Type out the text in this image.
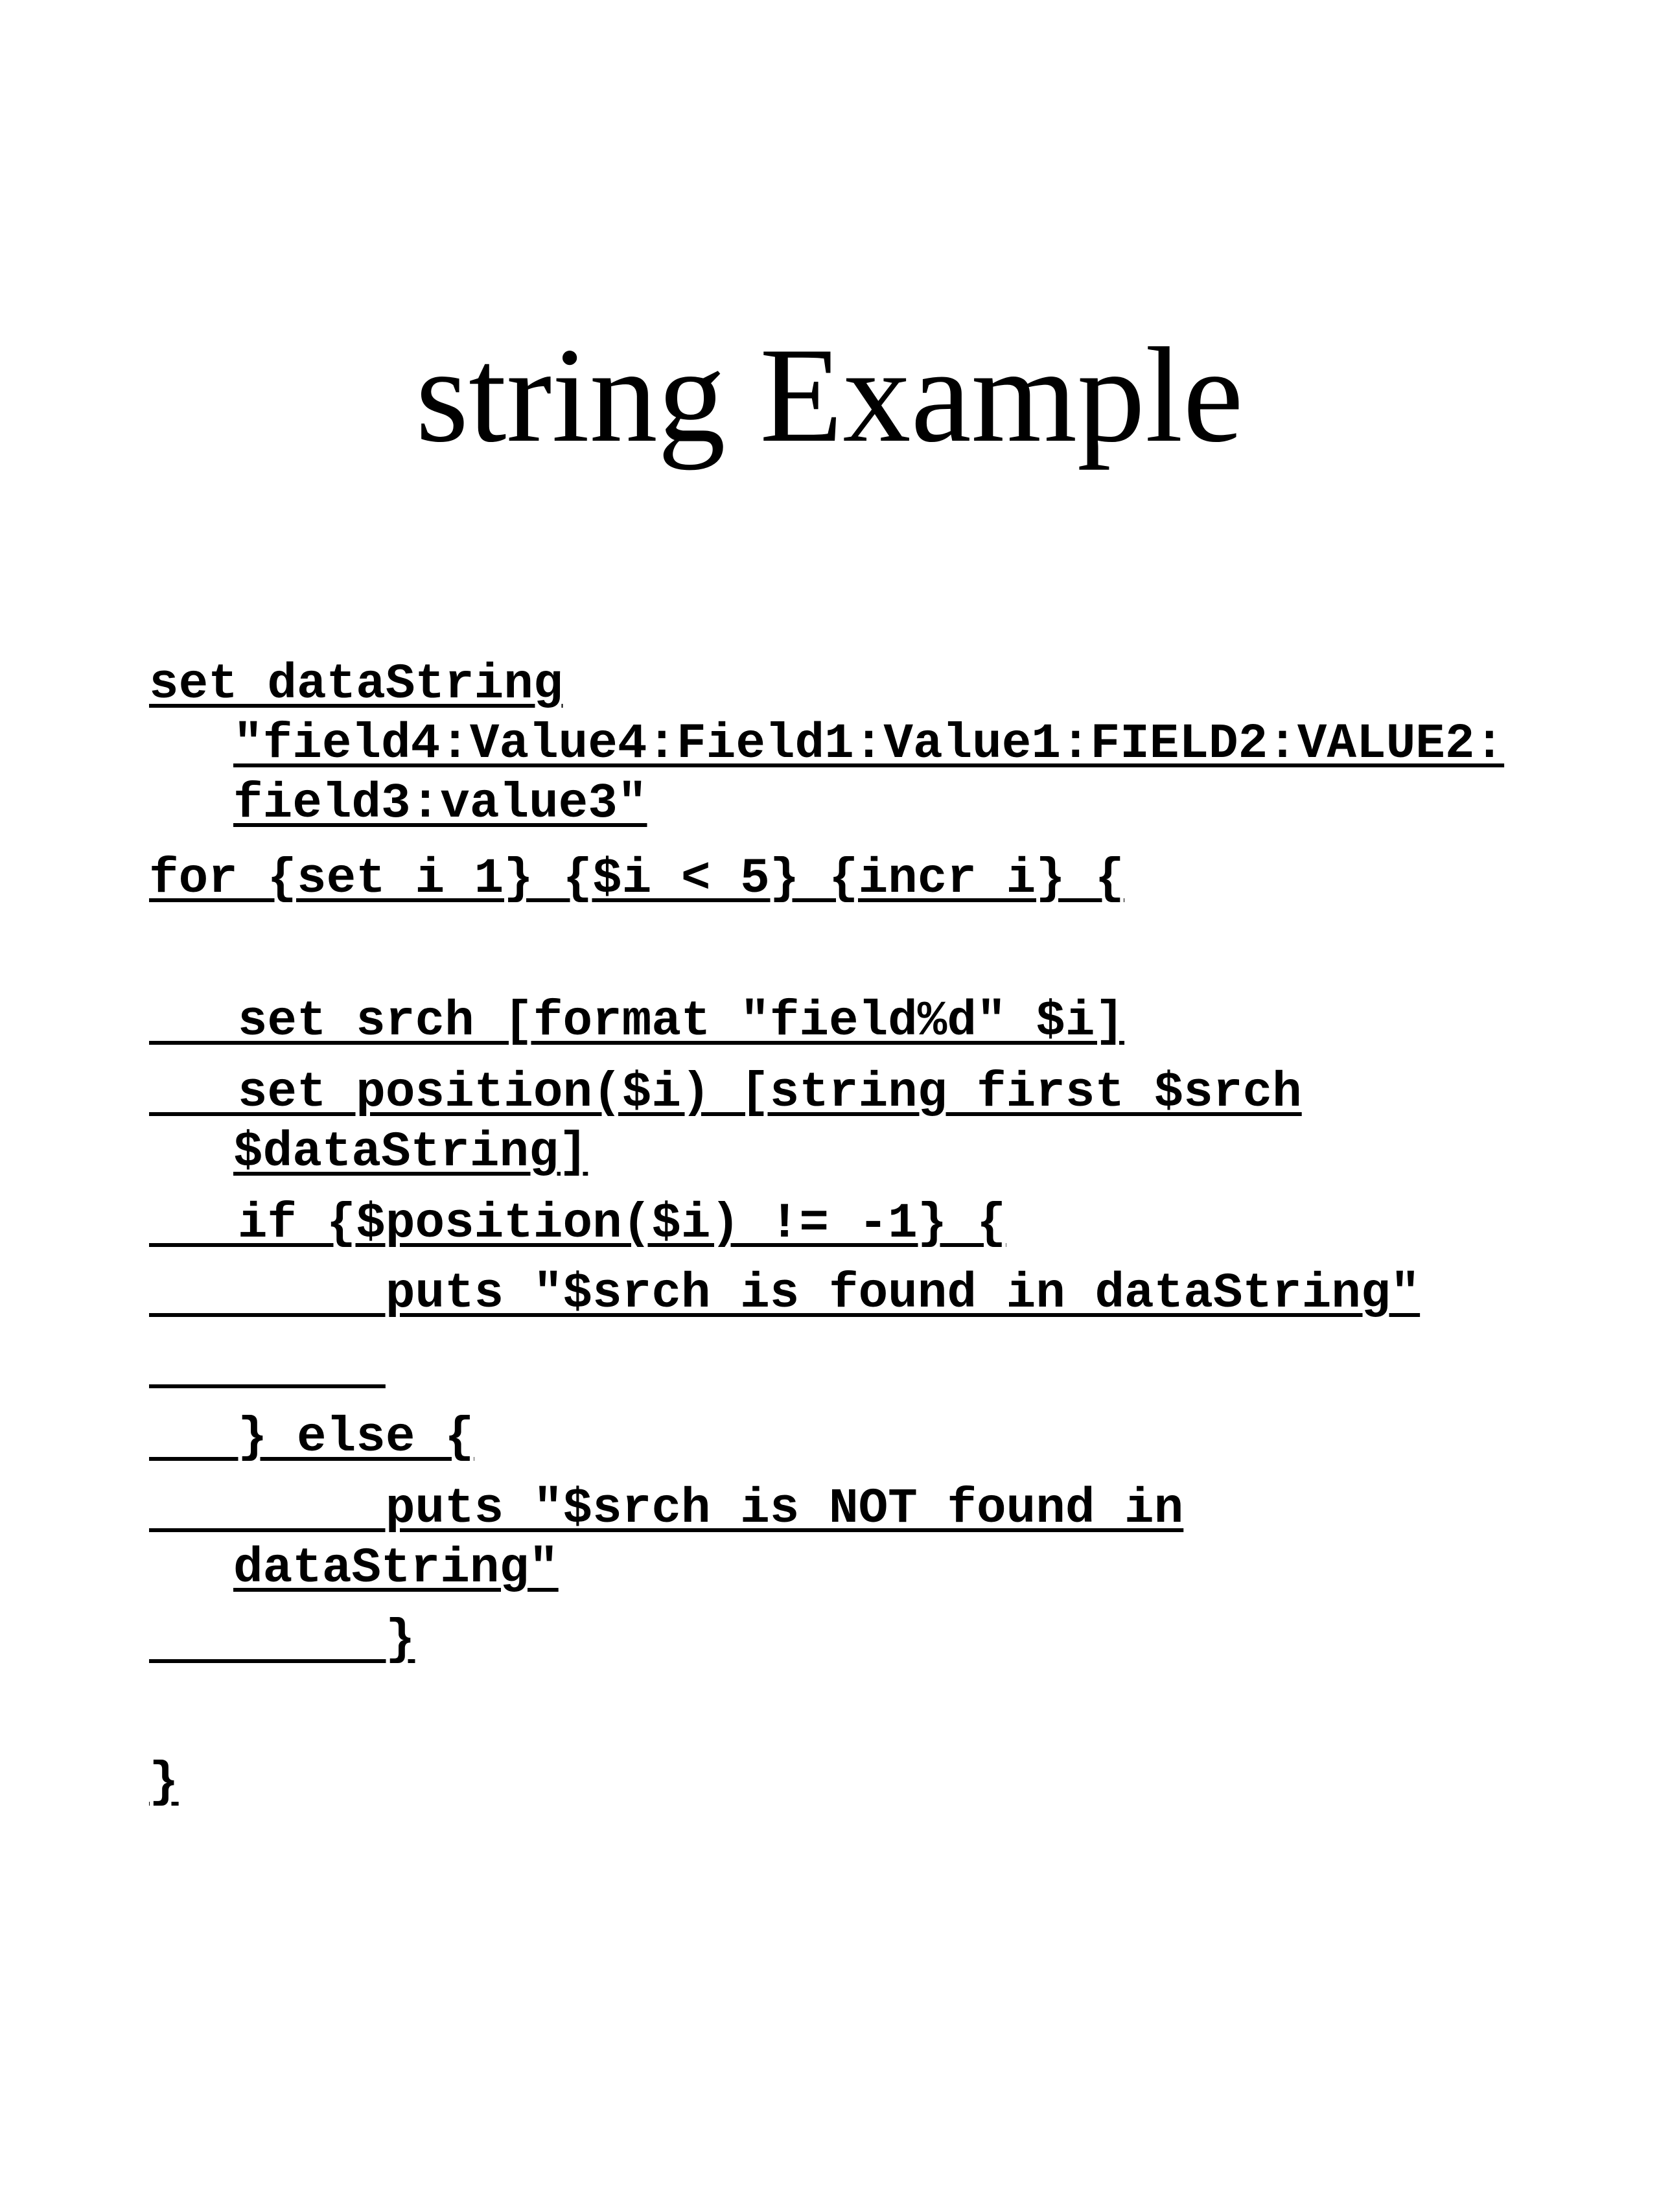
string Example
set dataString
"field4:Value4:Field1:Value1:FIELD2:VALUE2:
field3:value3"
for {set i 1} {$i < 5} {incr i} {
set srch [format "field%d" $i]
set position($i) [string first $srch
$dataString]
if {$position($i) != -1} {
puts "$srch is found in dataString"

} else {
puts "$srch is NOT found in
dataString"
}
}
